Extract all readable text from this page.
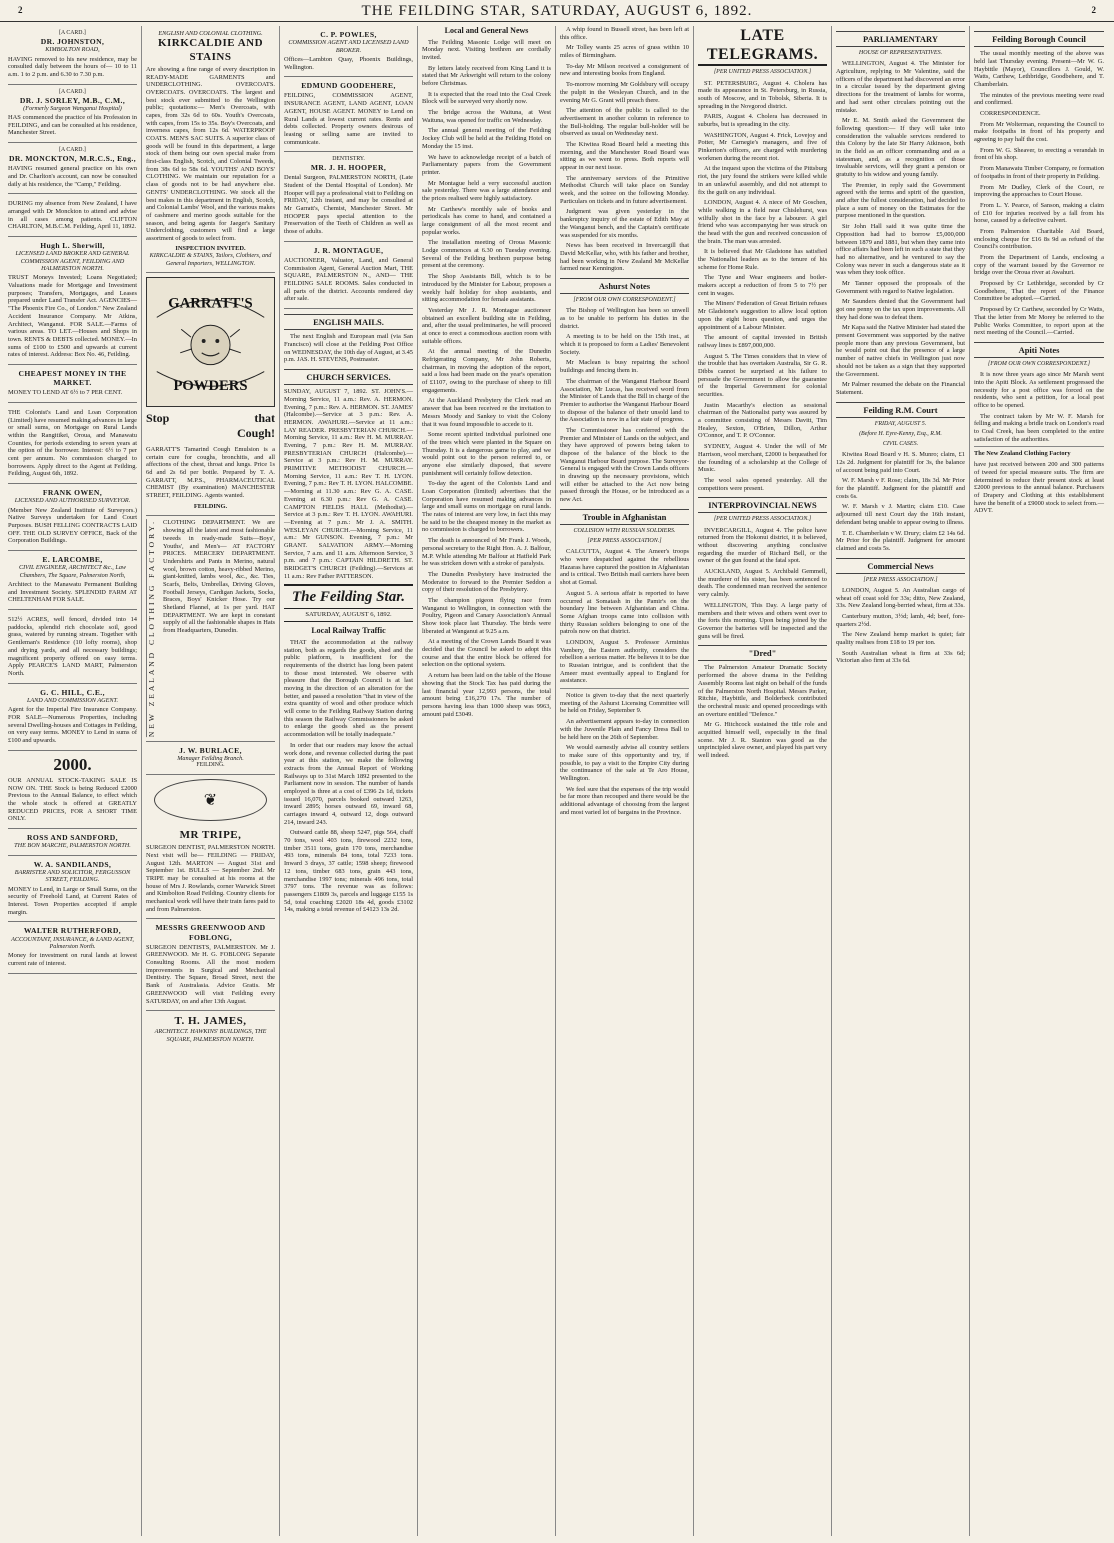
2	THE FEILDING STAR, SATURDAY, AUGUST 6, 1892.	2
[A CARD.]
DR. JOHNSTON,
KIMBOLTON ROAD,
HAVING removed to his new residence, may be consulted daily between the hours of— 10 to 11 a.m. 1 to 2 p.m. and 6.30 to 7.30 p.m.
[A CARD.]
DR. J. SORLEY, M.B., C.M.,
(Formerly Surgeon Wanganui Hospital)
HAS commenced the practice of his Profession in FEILDING, and can be consulted at his residence, Manchester Street.
[A CARD.]
DR. MONCKTON, M.R.C.S., Eng.,
HAVING resumed general practice on his own and Dr. Charlton's account, can now be consulted daily at his residence, the "Camp," Feilding.
DURING my absence from New Zealand, I have arranged with Dr Monckton to attend and advise in all cases among patients. CLIFTON CHARLTON, M.B.C.M. Feilding, April 11, 1892.
Hugh L. Sherwill,
LICENSED LAND BROKER AND GENERAL COMMISSION AGENT, FEILDING AND HALMERSTON NORTH.
TRUST Moneys Invested; Loans Negotiated; Valuations made for Mortgage and Investment purposes; Transfers, Mortgages, and Leases prepared under Land Transfer Act. AGENCIES— "The Phoenix Fire Co., of London." New Zealand Accident Insurance Company. Mr Atkins, Architect, Wanganui. FOR SALE.—Farms of various areas. TO LET.—Houses and Shops in town. RENTS & DEBTS collected. MONEY.—In sums of £100 to £500 and upwards at current rates of interest. Address: Box No. 46, Feilding.
CHEAPEST MONEY IN THE MARKET.
MONEY TO LEND AT 6½ to 7 PER CENT.
THE Colonist's Land and Loan Corporation (Limited) have resumed making advances in large or small sums, on Mortgage on Rural Lands within the Rangitikei, Oroua, and Manawatu Counties, for periods extending to seven years at the option of the borrower. Interest: 6½ to 7 per cent per annum. No commission charged to borrowers. Apply direct to the Agent at Feilding. Feilding, August 6th, 1892.
FRANK OWEN,
LICENSED AND AUTHORISED SURVEYOR.
(Member New Zealand Institute of Surveyors.) Native Surveys undertaken for Land Court Purposes. BUSH FELLING CONTRACTS LAID OFF. THE OLD SURVEY OFFICE, Back of the Corporation Buildings.
E. LARCOMBE,
CIVIL ENGINEER, ARCHITECT &c., Law Chambers, The Square, Palmerston North,
Architect to the Manawatu Permanent Building and Investment Society. SPLENDID FARM AT CHELTENHAM FOR SALE.
512½ ACRES, well fenced, divided into 14 paddocks, splendid rich chocolate soil, good grass, watered by running stream. Together with Gentleman's Residence (10 lofty rooms), shop and drying yards, and all necessary buildings; magnificent property offered on easy terms. Apply PEARCE'S LAND MART, Palmerston North.
G. C. HILL, C.E.,
LAND AND COMMISSION AGENT.
Agent for the Imperial Fire Insurance Company. FOR SALE—Numerous Properties, including several Dwelling-houses and Cottages in Feilding, on very easy terms. MONEY to Lend in sums of £100 and upwards.
2000.
OUR ANNUAL STOCK-TAKING SALE IS NOW ON. THE Stock is being Reduced £2000 Previous to the Annual Balance, to effect which the whole stock is offered at GREATLY REDUCED PRICES, FOR A SHORT TIME ONLY.
ROSS AND SANDFORD,
THE BON MARCHE, PALMERSTON NORTH.
W. A. SANDILANDS,
BARRISTER AND SOLICITOR, FERGUSSON STREET, FEILDING.
MONEY to Lend, in Large or Small Sums, on the security of Freehold Land, at Current Rates of Interest. Town Properties accepted if ample margin.
WALTER RUTHERFORD,
ACCOUNTANT, INSURANCE, & LAND AGENT, Palmerston North.
Money for investment on rural lands at lowest current rate of interest.
ENGLISH AND COLONIAL CLOTHING.
KIRKCALDIE AND STAINS
Are showing a fine range of every description in READY-MADE GARMENTS and UNDERCLOTHING. OVERCOATS. OVERCOATS. OVERCOATS. The largest and best stock ever submitted to the Wellington public; quotations:— Men's Overcoats, with capes, from 32s 6d to 60s. Youth's Overcoats, with capes, from 15s to 35s. Boy's Overcoats, and inverness capes, from 12s 6d. WATERPROOF COATS. MEN'S SAC SUITS. A superior class of goods will be found in this department, a large stock of them being our own special make from first-class English, Scotch, and Colonial Tweeds, from 38s 6d to 58s 6d. YOUTHS' AND BOYS' CLOTHING. We maintain our reputation for a class of goods not to be had anywhere else. GENTS' UNDERCLOTHING. We stock all the best makes in this department in English, Scotch, and Colonial Lambs' Wool, and the various makes of cashmere and merino goods suitable for the season, and being agents for Jaeger's Sanitary Underclothing, customers will find a large assortment of goods to select from.
INSPECTION INVITED.
KIRKCALDIE & STAINS, Tailors, Clothiers, and General Importers, WELLINGTON.
GARRATT'S
POWDERS
Stop	that
Cough!
GARRATT'S Tamarind Cough Emulsion is a certain cure for coughs, bronchitis, and all affections of the chest, throat and lungs. Price 1s 6d and 2s 6d per bottle. Prepared by T. A. GARRATT, M.P.S., PHARMACEUTICAL CHEMIST (By examination) MANCHESTER STREET, FEILDING. Agents wanted.
FEILDING.
NEW ZEALAND CLOTHING FACTORY.	CLOTHING DEPARTMENT. We are showing all the latest and most fashionable tweeds in ready-made Suits—Boys', Youths', and Men's— AT FACTORY PRICES. MERCERY DEPARTMENT. Undershirts and Pants in Merino, natural wool, brown cotton, heavy-ribbed Merino, giant-knitted, lambs wool, &c., &c. Ties, Scarfs, Belts, Umbrellas, Driving Gloves, Football Jerseys, Cardigan Jackets, Socks, Braces, Boys' Knicker Hose. Try our Shetland Flannel, at 1s per yard. HAT DEPARTMENT. We are kept in constant supply of all the fashionable shapes in Hats from Headquarters, Dunedin.
J. W. BURLACE,
Manager Feilding Branch.
FEILDING.
❦
MR TRIPE,
SURGEON DENTIST, PALMERSTON NORTH. Next visit will be— FEILDING — FRIDAY, August 12th. MARTON — August 31st and September 1st. BULLS — September 2nd. Mr TRIPE may be consulted at his rooms at the house of Mrs J. Rowlands, corner Warwick Street and Kimbolton Road Feilding. Country clients for mechanical work will have their train fares paid to and from Palmerston.
MESSRS GREENWOOD AND FOBLONG,
SURGEON DENTISTS, PALMERSTON. Mr J. GREENWOOD. Mr H. G. FOBLONG Separate Consulting Rooms. All the most modern improvements in Surgical and Mechanical Dentistry. The Square, Broad Street, next the Bank of Australasia. Advice Gratis. Mr GREENWOOD will visit Feilding every SATURDAY, on and after 13th August.
T. H. JAMES,
ARCHITECT. HAWKINS' BUILDINGS, THE SQUARE, PALMERSTON NORTH.
C. P. POWLES,
COMMISSION AGENT AND LICENSED LAND BROKER.
Offices—Lambton Quay, Phoenix Buildings, Wellington.
EDMUND GOODEHERE,
FEILDING, COMMISSION AGENT, INSURANCE AGENT, LAND AGENT, LOAN AGENT, HOUSE AGENT. MONEY to Lend on Rural Lands at lowest current rates. Rents and debts collected. Property owners desirous of leasing or selling same are invited to communicate.
DENTISTRY.
MR. J. H. HOOPER,
Dental Surgeon, PALMERSTON NORTH, (Late Student of the Dental Hospital of London). Mr Hooper will pay a professional visit to Feilding on FRIDAY, 12th instant, and may be consulted at Mr Garratt's, Chemist, Manchester Street. Mr HOOPER pays special attention to the Preservation of the Teeth of Children as well as those of adults.
J. R. MONTAGUE,
AUCTIONEER, Valuator, Land, and General Commission Agent, General Auction Mart, THE SQUARE, PALMERSTON N., AND— THE FEILDING SALE ROOMS. Sales conducted in all parts of the district. Accounts rendered day after sale.
ENGLISH MAILS.

The next English and European mail (via San Francisco) will close at the Feilding Post Office on WEDNESDAY, the 10th day of August, at 3.45 p.m. JAS. H. STEVENS, Postmaster.

CHURCH SERVICES.

SUNDAY, AUGUST 7, 1892. ST. JOHN'S.—Morning Service, 11 a.m.: Rev. A. HERMON. Evening, 7 p.m.: Rev. A. HERMON. ST. JAMES' (Halcombe).—Service at 3 p.m.: Rev. A. HERMON. AWAHURI.—Service at 11 a.m.: LAY READER. PRESBYTERIAN CHURCH.—Morning Service, 11 a.m.: Rev H. M. MURRAY. Evening, 7 p.m.: Rev H. M. MURRAY. PRESBYTERIAN CHURCH (Halcombe).—Service at 3 p.m.: Rev H. M. MURRAY. PRIMITIVE METHODIST CHURCH.—Morning Service, 11 a.m.: Rev T. H. LYON. Evening, 7 p.m.: Rev T. H. LYON. HALCOMBE.—Morning at 11.30 a.m.: Rev G. A. CASE. Evening at 6.30 p.m.: Rev G. A. CASE. CAMPTON FIELDS HALL (Methodist).—Service at 3 p.m.: Rev T. H. LYON. AWAHURI.—Evening at 7 p.m.: Mr J. A. SMITH. WESLEYAN CHURCH.—Morning Service, 11 a.m.: Mr GUNSON. Evening, 7 p.m.: Mr GRANT. SALVATION ARMY.—Morning Service, 7 a.m. and 11 a.m. Afternoon Service, 3 p.m. and 7 p.m.: CAPTAIN HILDRETH. ST. BRIDGET'S CHURCH (Feilding).—Services at 11 a.m.: Rev Father PATTERSON.

The Feilding Star.
SATURDAY, AUGUST 6, 1892.
Local Railway Traffic

THAT the accommodation at the railway station, both as regards the goods, shed and the public platform, is insufficient for the requirements of the district has long been patent to those most interested. We observe with pleasure that the Borough Council is at last moving in the direction of an alteration for the better, and passed a resolution "that in view of the extra quantity of wool and other produce which will come to the Feilding Railway Station during this season the Railway Commissioners be asked to enlarge the goods shed as the present accommodation will be totally inadequate."

In order that our readers may know the actual work done, and revenue collected during the past year at this station, we make the following extracts from the Annual Report of Working Railways up to 31st March 1892 presented to the Parliament now in session. The number of hands employed is three at a cost of £396 2s 1d, tickets issued 16,070, parcels booked outward 1263, inward 2895; horses outward 69, inward 68, carriages inward 4, outward 12, dogs outward 214, inward 243.

Outward cattle 88, sheep 5247, pigs 564, chaff 70 tons, wool 403 tons, firewood 2232 tons, timber 3511 tons, grain 170 tons, merchandise 493 tons, minerals 84 tons, total 7233 tons. Inward 3 drays, 37 cattle; 1598 sheep; firewood 12 tons, timber 683 tons, grain 443 tons, merchandise 1997 tons; minerals 496 tons, total 3797 tons. The revenue was as follows: passengers £1809 3s, parcels and luggage £155 1s 5d, total coaching £2020 18s 4d, goods £3102 14s, making a total revenue of £4123 13s 2d.

Local and General News

The Feilding Masonic Lodge will meet on Monday next. Visiting brethren are cordially invited.

By letters lately received from King Land it is stated that Mr Arkwright will return to the colony before Christmas.

It is expected that the road into the Coal Creek Block will be surveyed very shortly now.

The bridge across the Waituna, at West Waituna, was opened for traffic on Wednesday.

The annual general meeting of the Feilding Jockey Club will be held at the Feilding Hotel on Monday the 15 inst.

We have to acknowledge receipt of a batch of Parliamentary papers from the Government printer.

Mr Montague held a very successful auction sale yesterday. There was a large attendance and the prices realised were highly satisfactory.

Mr Carthew's monthly sale of books and periodicals has come to hand, and contained a large consignment of all the most recent and popular works.

The installation meeting of Oroua Masonic Lodge commences at 6.30 on Tuesday evening. Several of the Feilding brethren purpose being present at the ceremony.

The Shop Assistants Bill, which is to be introduced by the Minister for Labour, proposes a weekly half holiday for shop assistants, and sitting accommodation for female assistants.

Yesterday Mr J. R. Montague auctioneer obtained an excellent building site in Feilding, and, after the usual preliminaries, he will proceed at once to erect a commodious auction room with suitable offices.

At the annual meeting of the Dunedin Refrigerating Company, Mr John Roberts, chairman, in moving the adoption of the report, said a loss had been made on the year's operation of £1107, owing to the purchase of sheep to fill engagements.

At the Auckland Presbytery the Clerk read an answer that has been received re the invitation to Messrs Moody and Sankey to visit the Colony that it was found impossible to accede to it.

Some recent spirited individual purloined one of the trees which were planted in the Square on Thursday. It is a dangerous game to play, and we would point out to the person referred to, or anyone else similarly disposed, that severe punishment will certainly follow detection.

To-day the agent of the Colonists Land and Loan Corporation (limited) advertises that the Corporation have resumed making advances in large and small sums on mortgage on rural lands. The rates of interest are very low, in fact this may be said to be the cheapest money in the market as no commission is charged to borrowers.

The death is announced of Mr Frank J. Woods, personal secretary to the Right Hon. A. J. Balfour, M.P. While attending Mr Balfour at Hatfield Park he was stricken down with a stroke of paralysis.

The Dunedin Presbytery have instructed the Moderator to forward to the Premier Seddon a copy of their resolution of the Presbytery.

The champion pigeon flying race from Wanganui to Wellington, in connection with the Poultry, Pigeon and Canary Association's Annual Show took place last Thursday. The birds were liberated at Wanganui at 9.25 a.m.

At a meeting of the Crown Lands Board it was decided that the Council be asked to adopt this course and that the entire block be offered for selection on the optional system.

A return has been laid on the table of the House showing that the Stock Tax has paid during the last financial year 12,993 persons, the total amount being £16,270 17s. The number of persons having less than 1000 sheep was 9963, amount paid £3049.

A whip found in Bussell street, has been left at this office.

Mr Tolley wants 25 acres of grass within 10 miles of Birmingham.

To-day Mr Milson received a consignment of new and interesting books from England.

To-morrow morning Mr Goldsbury will occupy the pulpit in the Wesleyan Church, and in the evening Mr G. Grant will preach there.

The attention of the public is called to the advertisement in another column in reference to the Bull-holding. The regular bull-holder will be observed as usual on Wednesday next.

The Kiwitea Road Board held a meeting this morning, and the Manchester Road Board was sitting as we went to press. Both reports will appear in our next issue.

The anniversary services of the Primitive Methodist Church will take place on Sunday week, and the soiree on the following Monday. Particulars on tickets and in future advertisement.

Judgment was given yesterday in the bankruptcy inquiry of the estate of Edith May at the Wanganui bench, and the Captain's certificate was suspended for six months.

News has been received in Invercargill that David McKellar, who, with his father and brother, had been working in New Zealand Mr McKellar farmed near Kennington.

Ashurst Notes
[FROM OUR OWN CORRESPONDENT.]

The Bishop of Wellington has been so unwell as to be unable to perform his duties in the district.

A meeting is to be held on the 15th inst., at which it is proposed to form a Ladies' Benevolent Society.

Mr Maclean is busy repairing the school buildings and fencing them in.

The chairman of the Wanganui Harbour Board Association, Mr Lucas, has received word from the Minister of Lands that the Bill in charge of the Premier to authorise the Wanganui Harbour Board to dispose of the balance of their unsold land to the Association is now in a fair state of progress.

The Commissioner has conferred with the Premier and Minister of Lands on the subject, and they have approved of powers being taken to dispose of the balance of the block to the Wanganui Harbour Board purpose. The Surveyor-General is engaged with the Crown Lands officers in drawing up the necessary provisions, which will either be attached to the Act now being passed through the House, or be introduced as a new Act.

Trouble in Afghanistan
COLLISION WITH RUSSIAN SOLDIERS.
[PER PRESS ASSOCIATION.]

CALCUTTA, August 4. The Ameer's troops who were despatched against the rebellious Hazaras have captured the position in Afghanistan and is critical. Two British mail carriers have been shot at Gomal.

August 5. A serious affair is reported to have occurred at Somatash in the Pamir's on the boundary line between Afghanistan and China. Some Afghan troops came into collision with thirty Russian soldiers belonging to one of the patrols now on that district.

LONDON, August 5. Professor Arminius Vambery, the Eastern authority, considers the rebellion a serious matter. He believes it to be due to Russian intrigue, and is confident that the Ameer must eventually appeal to England for assistance.

Notice is given to-day that the next quarterly meeting of the Ashurst Licensing Committee will be held on Friday, September 9.

An advertisement appears to-day in connection with the Juvenile Plain and Fancy Dress Ball to be held here on the 26th of September.

We would earnestly advise all country settlers to make sure of this opportunity and try, if possible, to pay a visit to the Empire City during the continuance of the sale at Te Aro House, Wellington.

We feel sure that the expenses of the trip would be far more than recouped and there would be the additional advantage of choosing from the largest and most varied lot of bargains in the Province.

LATE TELEGRAMS.
[PER UNITED PRESS ASSOCIATION.]

ST. PETERSBURG, August 4. Cholera has made its appearance in St. Petersburg, in Russia, south of Moscow, and in Tobolsk, Siberia. It is spreading in the Novgorod district.

PARIS, August 4. Cholera has decreased in suburbs, but is spreading in the city.

WASHINGTON, August 4. Frick, Lovejoy and Potter, Mr Carnegie's managers, and five of Pinkerton's officers, are charged with murdering workmen during the recent riot.

At the inquest upon the victims of the Pittsburg riot, the jury found the strikers were killed while in an unlawful assembly, and did not attempt to fix the guilt on any individual.

LONDON, August 4. A niece of Mr Goschen, while walking in a field near Chislehurst, was wilfully shot in the face by a labourer. A girl friend who was accompanying her was struck on the head with the gun and received concussion of the brain. The man was arrested.

It is believed that Mr Gladstone has satisfied the Nationalist leaders as to the tenure of his scheme for Home Rule.

The Tyne and Wear engineers and boiler-makers accept a reduction of from 5 to 7½ per cent in wages.

The Miners' Federation of Great Britain refuses Mr Gladstone's suggestion to allow local option upon the eight hours question, and urges the appointment of a Labour Minister.

The amount of capital invested in British railway lines is £897,000,000.

August 5. The Times considers that in view of the trouble that has overtaken Australia, Sir G. R. Dibbs cannot be surprised at his failure to persuade the Government to allow the guarantee of the Imperial Government for colonial securities.

Justin Macarthy's election as sessional chairman of the Nationalist party was assured by a committee consisting of Messrs Davitt, Tim Healey, Sexton, O'Brien, Dillon, Arthur O'Connor, and T. P. O'Connor.

SYDNEY, August 4. Under the will of Mr Harrison, wool merchant, £2000 is bequeathed for the founding of a scholarship at the College of Music.

The wool sales opened yesterday. All the competitors were present.

INTERPROVINCIAL NEWS
[PER UNITED PRESS ASSOCIATION.]

INVERCARGILL, August 4. The police have returned from the Hokonui district, it is believed, without discovering anything conclusive regarding the murder of Richard Bell, or the owner of the gun found at the fatal spot.

AUCKLAND, August 5. Archibald Gemmell, the murderer of his sister, has been sentenced to death. The condemned man received the sentence very calmly.

WELLINGTON, This Day. A large party of members and their wives and others went over to the forts this morning. Upon being joined by the Governor the batteries will be inspected and the guns will be fired.

"Dred"

The Palmerston Amateur Dramatic Society performed the above drama in the Feilding Assembly Rooms last night on behalf of the funds of the Palmerston North Hospital. Messrs Parker, Ritchie, Haybittle, and Bolderbeck contributed the orchestral music and opened proceedings with an overture entitled "Defence."

Mr G. Hitchcock sustained the title role and acquitted himself well, especially in the final scene. Mr J. R. Stanton was good as the unprincipled slave owner, and played his part very well indeed.

PARLIAMENTARY
HOUSE OF REPRESENTATIVES.

WELLINGTON, August 4. The Minister for Agriculture, replying to Mr Valentine, said the officers of the department had discovered an error in a circular issued by the department giving directions for the treatment of lambs for worms, and had sent other circulars pointing out the mistake.

Mr E. M. Smith asked the Government the following question:— If they will take into consideration the valuable services rendered to this Colony by the late Sir Harry Atkinson, both in the field as an officer commanding and as a statesman, and, as a recognition of those invaluable services, will they grant a pension or gratuity to his widow and young family.

The Premier, in reply said the Government agreed with the terms and spirit of the question, and after the fullest consideration, had decided to place a sum of money on the Estimates for the purpose mentioned in the question.

Sir John Hall said it was quite time the Opposition had had to borrow £5,000,000 between 1879 and 1881, but when they came into office affairs had been left in such a state that they had no alternative, and he ventured to say the Colony was never in such a dangerous state as it was when they took office.

Mr Tanner opposed the proposals of the Government with regard to Native legislation.

Mr Saunders denied that the Government had got one penny on the tax upon improvements. All they had done was to defeat them.

Mr Kapa said the Native Minister had stated the present Government was supported by the native people more than any previous Government, but he would point out that the presence of a large number of native chiefs in Wellington just now should not be taken as a sign that they supported the Government.

Mr Palmer resumed the debate on the Financial Statement.

Feilding R.M. Court
FRIDAY, AUGUST 5.
(Before H. Eyre-Kenny, Esq., R.M.
CIVIL CASES.

Kiwitea Road Board v H. S. Munro; claim, £1 12s 2d. Judgment for plaintiff for 3s, the balance of account being paid into Court.

W. F. Marsh v F. Rose; claim, 18s 3d. Mr Prior for the plaintiff. Judgment for the plaintiff and costs 6s.

W. F. Marsh v J. Martin; claim £10. Case adjourned till next Court day the 16th instant, defendant being unable to appear owing to illness.

T. E. Chamberlain v W. Drury; claim £2 14s 6d. Mr Prior for the plaintiff. Judgment for amount claimed and costs 5s.

Commercial News
[PER PRESS ASSOCIATION.]

LONDON, August 5. An Australian cargo of wheat off coast sold for 33s; ditto, New Zealand, 33s. New Zealand long-berried wheat, firm at 33s.

Canterbury mutton, 3½d; lamb, 4d; beef, fore-quarters 2½d.

The New Zealand hemp market is quiet; fair quality realises from £18 to 19 per ton.

South Australian wheat is firm at 33s 6d; Victorian also firm at 33s 6d.

Feilding Borough Council

The usual monthly meeting of the above was held last Thursday evening. Present—Mr W. G. Haybittle (Mayor), Councillors J. Gould, W. Watts, Carthew, Lethbridge, Goodbehere, and T. Chamberlain.

The minutes of the previous meeting were read and confirmed.

CORRESPONDENCE.

From Mr Wolterman, requesting the Council to make footpaths in front of his property and agreeing to pay half the cost.

From W. G. Sheaver, to erecting a verandah in front of his shop.

From Manawatu Timber Company, re formation of footpaths in front of their property in Feilding.

From Mr Dudley, Clerk of the Court, re improving the approaches to Court House.

From L. Y. Pearce, of Sanson, making a claim of £10 for injuries received by a fall from his horse, caused by a defective culvert.

From Palmerston Charitable Aid Board, enclosing cheque for £16 8s 9d as refund of the Council's contribution.

From the Department of Lands, enclosing a copy of the warrant issued by the Governor re bridge over the Oroua river at Awahuri.

Proposed by Cr Lethbridge, seconded by Cr Goodbehere, That the report of the Finance Committee be adopted.—Carried.

Proposed by Cr Carthew, seconded by Cr Watts, That the letter from Mr Morey be referred to the Public Works Committee, to report upon at the next meeting of the Council.—Carried.

Apiti Notes
[FROM OUR OWN CORRESPONDENT.]

It is now three years ago since Mr Marsh went into the Apiti Block. As settlement progressed the necessity for a post office was forced on the residents, who sent a petition, for a local post office to be opened.

The contract taken by Mr W. F. Marsh for felling and making a bridle track on London's road to Coal Creek, has been completed to the entire satisfaction of the authorities.

The New Zealand Clothing Factory

have just received between 200 and 300 patterns of tweed for special measure suits. The firm are determined to reduce their present stock at least £2000 previous to the annual balance. Purchasers of Drapery and Clothing at this establishment have the benefit of a £9000 stock to select from.—ADVT.
